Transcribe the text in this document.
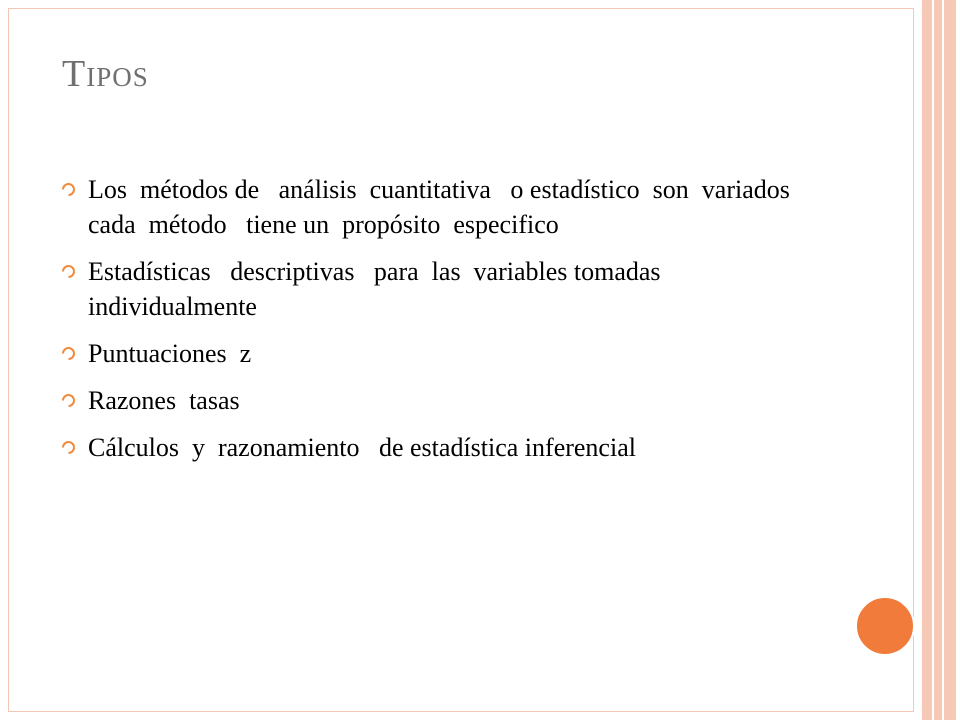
Tipos
Los  métodos de   análisis  cuantitativa   o estadístico  son  variados  cada  método   tiene un  propósito  especifico
Estadísticas   descriptivas   para  las  variables tomadas  individualmente
Puntuaciones  z
Razones  tasas
Cálculos  y  razonamiento   de estadística inferencial
